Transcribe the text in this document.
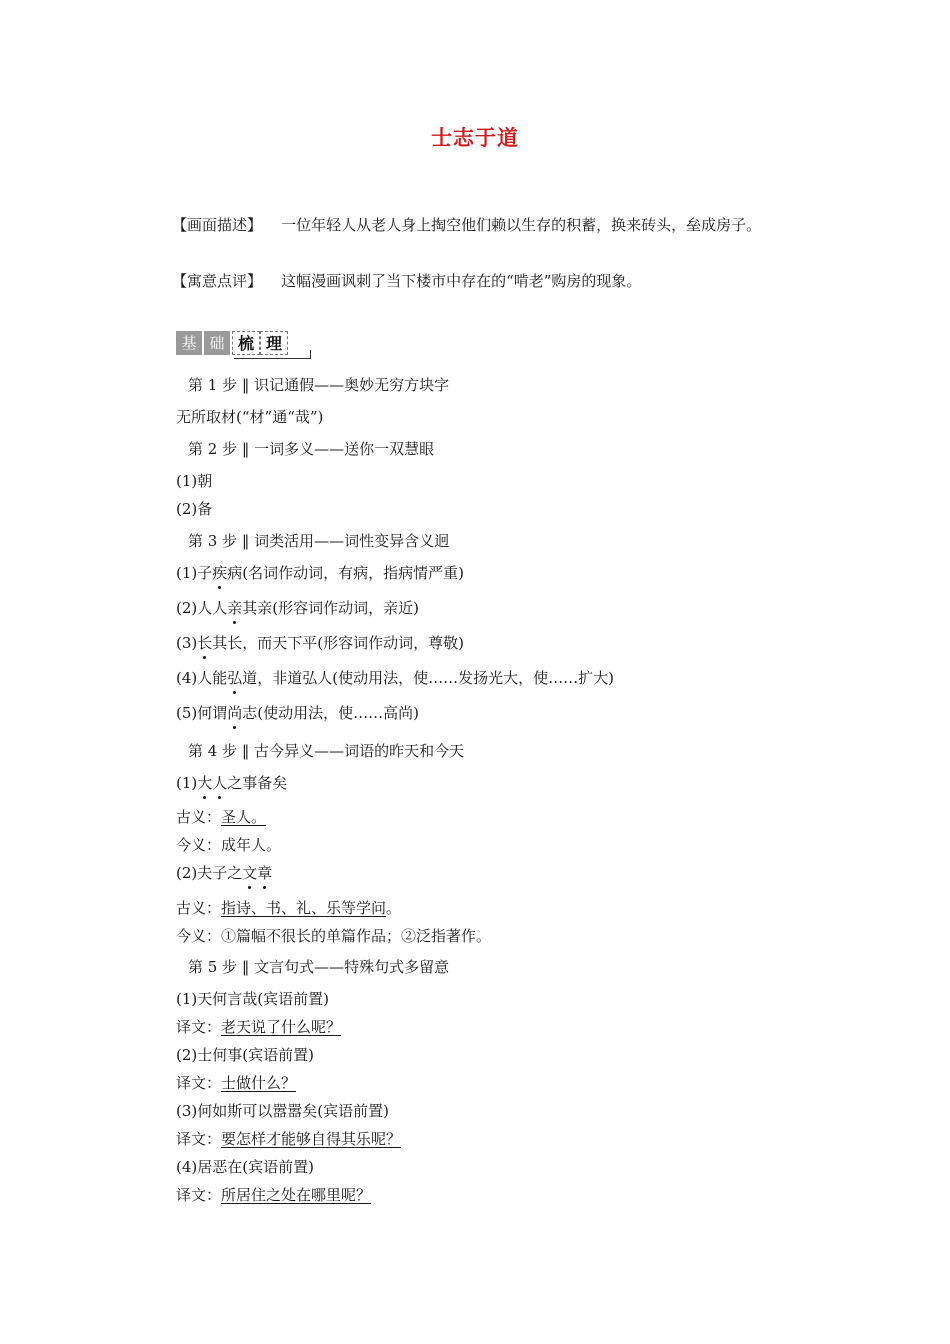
士志于道
【画面描述】 一位年轻人从老人身上掏空他们赖以生存的积蓄，换来砖头，垒成房子。
【寓意点评】 这幅漫画讽刺了当下楼市中存在的“啃老”购房的现象。
基 础 梳 理
第 1 步 ‖ 识记通假——奥妙无穷方块字
无所取材(“材”通“哉”)
第 2 步 ‖ 一词多义——送你一双慧眼
(1)朝
(2)备
第 3 步 ‖ 词类活用——词性变异含义迥
(1)子疾病(名词作动词，有病，指病情严重)
(2)人人亲其亲(形容词作动词，亲近)
(3)长其长，而天下平(形容词作动词，尊敬)
(4)人能弘道，非道弘人(使动用法，使……发扬光大，使……扩大)
(5)何谓尚志(使动用法，使……高尚)
第 4 步 ‖ 古今异义——词语的昨天和今天
(1)大人之事备矣
古义：圣人。
今义：成年人。
(2)夫子之文章
古义：指诗、书、礼、乐等学问。
今义：①篇幅不很长的单篇作品；②泛指著作。
第 5 步 ‖ 文言句式——特殊句式多留意
(1)天何言哉(宾语前置)
译文：老天说了什么呢？
(2)士何事(宾语前置)
译文：士做什么？
(3)何如斯可以嚣嚣矣(宾语前置)
译文：要怎样才能够自得其乐呢？
(4)居恶在(宾语前置)
译文：所居住之处在哪里呢？
